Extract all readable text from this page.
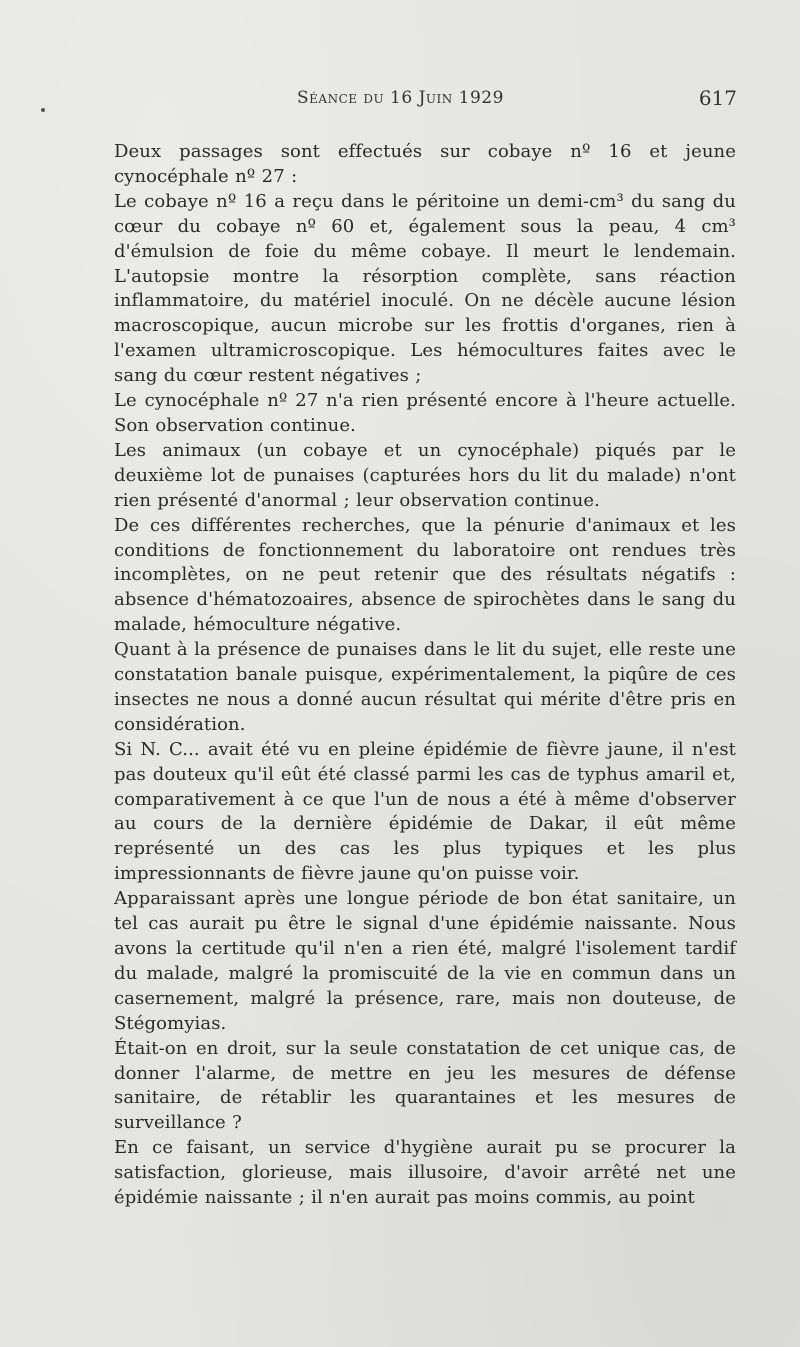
Séance du 16 Juin 1929	617

Deux passages sont effectués sur cobaye nº 16 et jeune cynocéphale nº 27 :

Le cobaye nº 16 a reçu dans le péritoine un demi-cm³ du sang du cœur du cobaye nº 60 et, également sous la peau, 4 cm³ d'émulsion de foie du même cobaye. Il meurt le lendemain. L'autopsie montre la résorption complète, sans réaction inflammatoire, du matériel inoculé. On ne décèle aucune lésion macroscopique, aucun microbe sur les frottis d'organes, rien à l'examen ultramicroscopique. Les hémocultures faites avec le sang du cœur restent négatives ;

Le cynocéphale nº 27 n'a rien présenté encore à l'heure actuelle. Son observation continue.

Les animaux (un cobaye et un cynocéphale) piqués par le deuxième lot de punaises (capturées hors du lit du malade) n'ont rien présenté d'anormal ; leur observation continue.

De ces différentes recherches, que la pénurie d'animaux et les conditions de fonctionnement du laboratoire ont rendues très incomplètes, on ne peut retenir que des résultats négatifs : absence d'hématozoaires, absence de spirochètes dans le sang du malade, hémoculture négative.

Quant à la présence de punaises dans le lit du sujet, elle reste une constatation banale puisque, expérimentalement, la piqûre de ces insectes ne nous a donné aucun résultat qui mérite d'être pris en considération.

Si N. C... avait été vu en pleine épidémie de fièvre jaune, il n'est pas douteux qu'il eût été classé parmi les cas de typhus amaril et, comparativement à ce que l'un de nous a été à même d'observer au cours de la dernière épidémie de Dakar, il eût même représenté un des cas les plus typiques et les plus impressionnants de fièvre jaune qu'on puisse voir.

Apparaissant après une longue période de bon état sanitaire, un tel cas aurait pu être le signal d'une épidémie naissante. Nous avons la certitude qu'il n'en a rien été, malgré l'isolement tardif du malade, malgré la promiscuité de la vie en commun dans un casernement, malgré la présence, rare, mais non douteuse, de Stégomyias.

Était-on en droit, sur la seule constatation de cet unique cas, de donner l'alarme, de mettre en jeu les mesures de défense sanitaire, de rétablir les quarantaines et les mesures de surveillance ?

En ce faisant, un service d'hygiène aurait pu se procurer la satisfaction, glorieuse, mais illusoire, d'avoir arrêté net une épidémie naissante ; il n'en aurait pas moins commis, au point
